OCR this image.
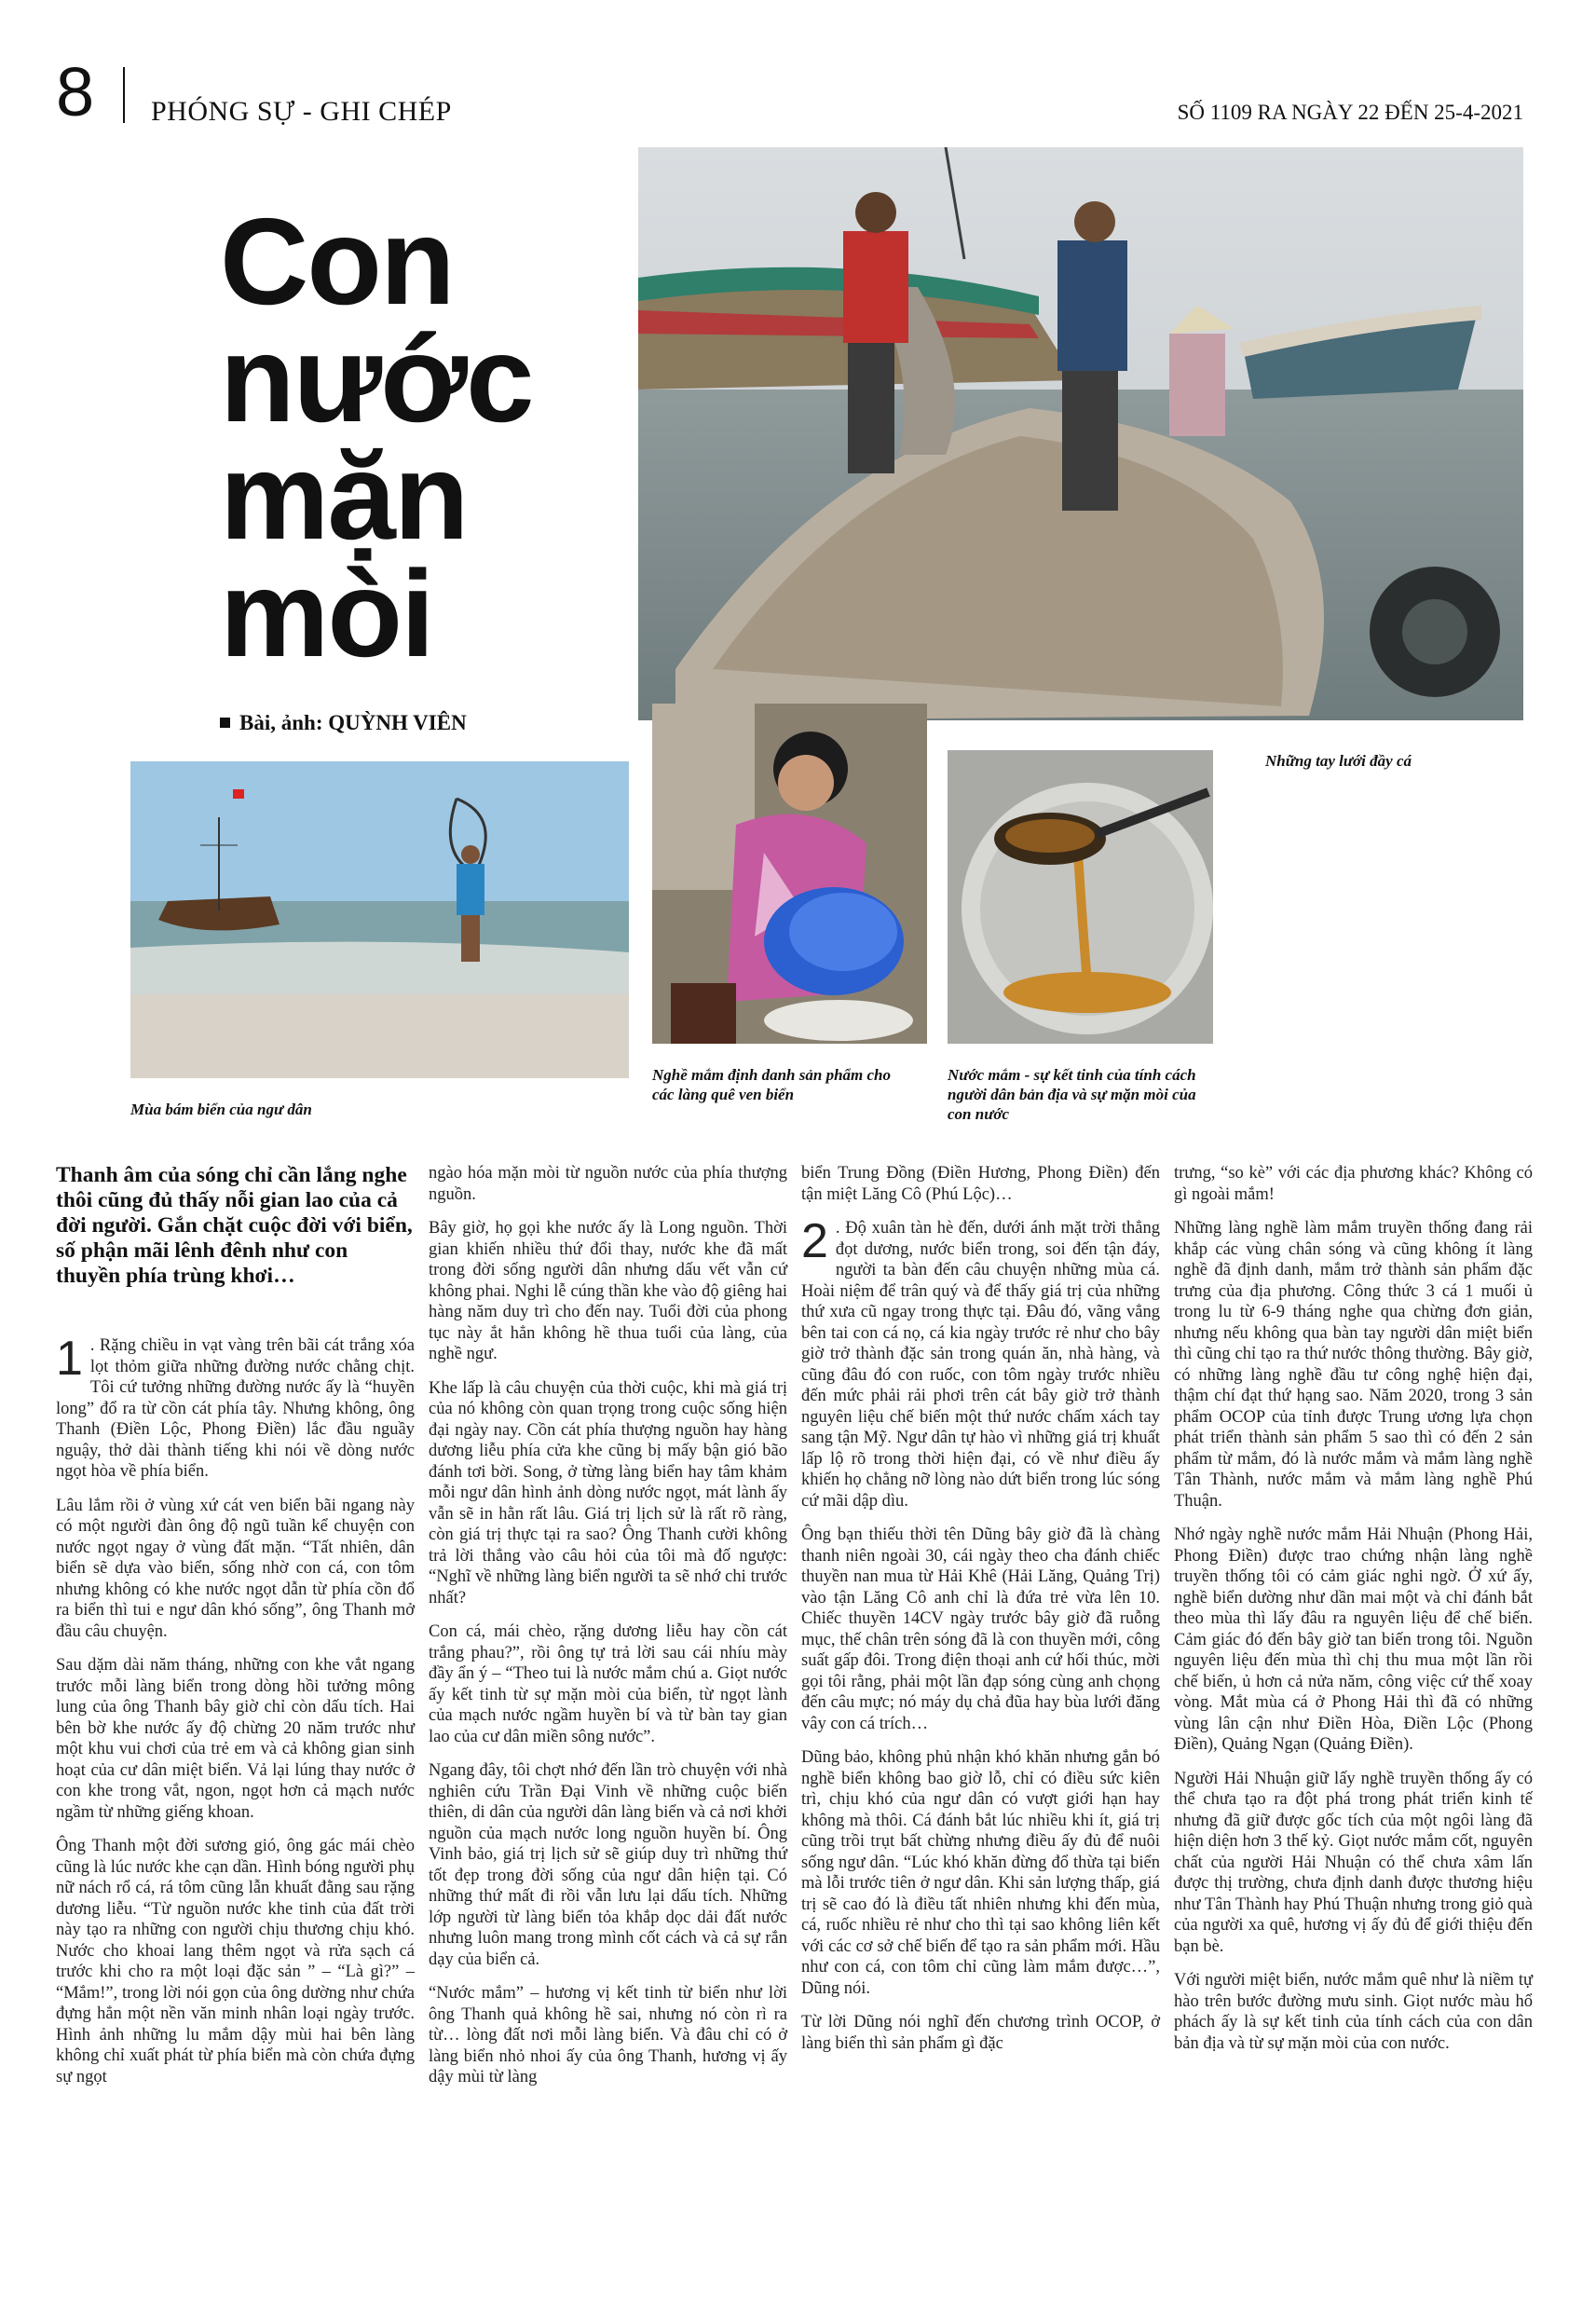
8 PHÓNG SỰ - GHI CHÉP	SỐ 1109 RA NGÀY 22 ĐẾN 25-4-2021
Con
nước
mặn
mòi
Bài, ảnh: QUỲNH VIÊN
Những tay lưới đầy cá
Mùa bám biển của ngư dân
Nghề mắm định danh sản phẩm cho các làng quê ven biển
Nước mắm - sự kết tinh của tính cách người dân bản địa và sự mặn mòi của con nước

Thanh âm của sóng chỉ cần lắng nghe thôi cũng đủ thấy nỗi gian lao của cả đời người. Gắn chặt cuộc đời với biển, số phận mãi lênh đênh như con thuyền phía trùng khơi…

1 . Rặng chiều in vạt vàng trên bãi cát trắng xóa lọt thỏm giữa những đường nước chằng chịt. Tôi cứ tưởng những đường nước ấy là “huyền long” đổ ra từ cồn cát phía tây. Nhưng không, ông Thanh (Điền Lộc, Phong Điền) lắc đầu nguầy nguậy, thở dài thành tiếng khi nói về dòng nước ngọt hòa về phía biển.

Lâu lắm rồi ở vùng xứ cát ven biển bãi ngang này có một người đàn ông độ ngũ tuần kể chuyện con nước ngọt ngay ở vùng đất mặn. “Tất nhiên, dân biển sẽ dựa vào biển, sống nhờ con cá, con tôm nhưng không có khe nước ngọt dẫn từ phía cồn đổ ra biển thì tui e ngư dân khó sống”, ông Thanh mở đầu câu chuyện.

Sau dặm dài năm tháng, những con khe vắt ngang trước mỗi làng biển trong dòng hồi tưởng mông lung của ông Thanh bây giờ chỉ còn dấu tích. Hai bên bờ khe nước ấy độ chừng 20 năm trước như một khu vui chơi của trẻ em và cả không gian sinh hoạt của cư dân miệt biển. Vả lại lúng thay nước ở con khe trong vắt, ngon, ngọt hơn cả mạch nước ngầm từ những giếng khoan.

Ông Thanh một đời sương gió, ông gác mái chèo cũng là lúc nước khe cạn dần. Hình bóng người phụ nữ nách rổ cá, rá tôm cũng lẫn khuất đằng sau rặng dương liễu. “Từ nguồn nước khe tinh của đất trời này tạo ra những con người chịu thương chịu khó. Nước cho khoai lang thêm ngọt và rửa sạch cá trước khi cho ra một loại đặc sản ” – “Là gì?” – “Mắm!”, trong lời nói gọn của ông dường như chứa đựng hẳn một nền văn minh nhân loại ngày trước. Hình ảnh những lu mắm dậy mùi hai bên làng không chỉ xuất phát từ phía biển mà còn chứa đựng sự ngọt

ngào hóa mặn mòi từ nguồn nước của phía thượng nguồn.

Bây giờ, họ gọi khe nước ấy là Long nguồn. Thời gian khiến nhiều thứ đổi thay, nước khe đã mất trong đời sống người dân nhưng dấu vết vẫn cứ không phai. Nghi lễ cúng thần khe vào độ giêng hai hàng năm duy trì cho đến nay. Tuổi đời của phong tục này ắt hẳn không hề thua tuổi của làng, của nghề ngư.

Khe lấp là câu chuyện của thời cuộc, khi mà giá trị của nó không còn quan trọng trong cuộc sống hiện đại ngày nay. Cồn cát phía thượng nguồn hay hàng dương liễu phía cửa khe cũng bị mấy bận gió bão đánh tơi bời. Song, ở từng làng biển hay tâm khảm mỗi ngư dân hình ảnh dòng nước ngọt, mát lành ấy vẫn sẽ in hằn rất lâu. Giá trị lịch sử là rất rõ ràng, còn giá trị thực tại ra sao? Ông Thanh cười không trả lời thẳng vào câu hỏi của tôi mà đố ngược: “Nghĩ về những làng biển người ta sẽ nhớ chi trước nhất?

Con cá, mái chèo, rặng dương liễu hay cồn cát trắng phau?”, rồi ông tự trả lời sau cái nhíu mày đầy ẩn ý – “Theo tui là nước mắm chú a. Giọt nước ấy kết tinh từ sự mặn mòi của biển, từ ngọt lành của mạch nước ngầm huyền bí và từ bàn tay gian lao của cư dân miền sông nước”.

Ngang đây, tôi chợt nhớ đến lần trò chuyện với nhà nghiên cứu Trần Đại Vinh về những cuộc biến thiên, di dân của người dân làng biển và cả nơi khởi nguồn của mạch nước long nguồn huyền bí. Ông Vinh bảo, giá trị lịch sử sẽ giúp duy trì những thứ tốt đẹp trong đời sống của ngư dân hiện tại. Có những thứ mất đi rồi vẫn lưu lại dấu tích. Những lớp người từ làng biển tỏa khắp dọc dải đất nước nhưng luôn mang trong mình cốt cách và cả sự rắn dạy của biển cả.

“Nước mắm” – hương vị kết tinh từ biển như lời ông Thanh quả không hề sai, nhưng nó còn rì ra từ… lòng đất nơi mỗi làng biển. Và đâu chỉ có ở làng biển nhỏ nhoi ấy của ông Thanh, hương vị ấy dậy mùi từ làng

biển Trung Đồng (Điền Hương, Phong Điền) đến tận miệt Lăng Cô (Phú Lộc)…

2 . Độ xuân tàn hè đến, dưới ánh mặt trời thẳng đọt dương, nước biển trong, soi đến tận đáy, người ta bàn đến câu chuyện những mùa cá. Hoài niệm để trân quý và để thấy giá trị của những thứ xưa cũ ngay trong thực tại. Đâu đó, vãng vẳng bên tai con cá nọ, cá kia ngày trước rẻ như cho bây giờ trở thành đặc sản trong quán ăn, nhà hàng, và cũng đâu đó con ruốc, con tôm ngày trước nhiều đến mức phải rải phơi trên cát bây giờ trở thành nguyên liệu chế biến một thứ nước chấm xách tay sang tận Mỹ. Ngư dân tự hào vì những giá trị khuất lấp lộ rõ trong thời hiện đại, có về như điều ấy khiến họ chẳng nỡ lòng nào dứt biển trong lúc sóng cứ mãi dập dìu.

Ông bạn thiếu thời tên Dũng bây giờ đã là chàng thanh niên ngoài 30, cái ngày theo cha đánh chiếc thuyền nan mua từ Hải Khê (Hải Lăng, Quảng Trị) vào tận Lăng Cô anh chỉ là đứa trẻ vừa lên 10. Chiếc thuyền 14CV ngày trước bây giờ đã ruỗng mục, thế chân trên sóng đã là con thuyền mới, công suất gấp đôi. Trong điện thoại anh cứ hối thúc, mời gọi tôi rằng, phải một lần đạp sóng cùng anh chọng đến câu mực; nó máy dụ chả đũa hay bùa lưới đăng vây con cá trích…

Dũng bảo, không phủ nhận khó khăn nhưng gắn bó nghề biển không bao giờ lỗ, chỉ có điều sức kiên trì, chịu khó của ngư dân có vượt giới hạn hay không mà thôi. Cá đánh bắt lúc nhiều khi ít, giá trị cũng trồi trụt bất chừng nhưng điều ấy đủ để nuôi sống ngư dân. “Lúc khó khăn đừng đổ thừa tại biển mà lỗi trước tiên ở ngư dân. Khi sản lượng thấp, giá trị sẽ cao đó là điều tất nhiên nhưng khi đến mùa, cá, ruốc nhiều rẻ như cho thì tại sao không liên kết với các cơ sở chế biến để tạo ra sản phẩm mới. Hầu như con cá, con tôm chỉ cũng làm mắm được…”, Dũng nói.

Từ lời Dũng nói nghĩ đến chương trình OCOP, ở làng biển thì sản phẩm gì đặc

trưng, “so kè” với các địa phương khác? Không có gì ngoài mắm!

Những làng nghề làm mắm truyền thống đang rải khắp các vùng chân sóng và cũng không ít làng nghề đã định danh, mắm trở thành sản phẩm đặc trưng của địa phương. Công thức 3 cá 1 muối ủ trong lu từ 6-9 tháng nghe qua chừng đơn giản, nhưng nếu không qua bàn tay người dân miệt biển thì cũng chỉ tạo ra thứ nước thông thường. Bây giờ, có những làng nghề đầu tư công nghệ hiện đại, thậm chí đạt thứ hạng sao. Năm 2020, trong 3 sản phẩm OCOP của tỉnh được Trung ương lựa chọn phát triển thành sản phẩm 5 sao thì có đến 2 sản phẩm từ mắm, đó là nước mắm và mắm làng nghề Tân Thành, nước mắm và mắm làng nghề Phú Thuận.

Nhớ ngày nghề nước mắm Hải Nhuận (Phong Hải, Phong Điền) được trao chứng nhận làng nghề truyền thống tôi có cảm giác nghi ngờ. Ở xứ ấy, nghề biển dường như dần mai một và chỉ đánh bắt theo mùa thì lấy đâu ra nguyên liệu để chế biến. Cảm giác đó đến bây giờ tan biến trong tôi. Nguồn nguyên liệu đến mùa thì chị thu mua một lần rồi chế biến, ủ hơn cả nửa năm, công việc cứ thế xoay vòng. Mắt mùa cá ở Phong Hải thì đã có những vùng lân cận như Điền Hòa, Điền Lộc (Phong Điền), Quảng Ngạn (Quảng Điền).

Người Hải Nhuận giữ lấy nghề truyền thống ấy có thể chưa tạo ra đột phá trong phát triển kinh tế nhưng đã giữ được gốc tích của một ngôi làng đã hiện diện hơn 3 thế kỷ. Giọt nước mắm cốt, nguyên chất của người Hải Nhuận có thể chưa xâm lấn được thị trường, chưa định danh được thương hiệu như Tân Thành hay Phú Thuận nhưng trong giỏ quà của người xa quê, hương vị ấy đủ để giới thiệu đến bạn bè.

Với người miệt biển, nước mắm quê như là niềm tự hào trên bước đường mưu sinh. Giọt nước màu hổ phách ấy là sự kết tinh của tính cách của con dân bản địa và từ sự mặn mòi của con nước.
